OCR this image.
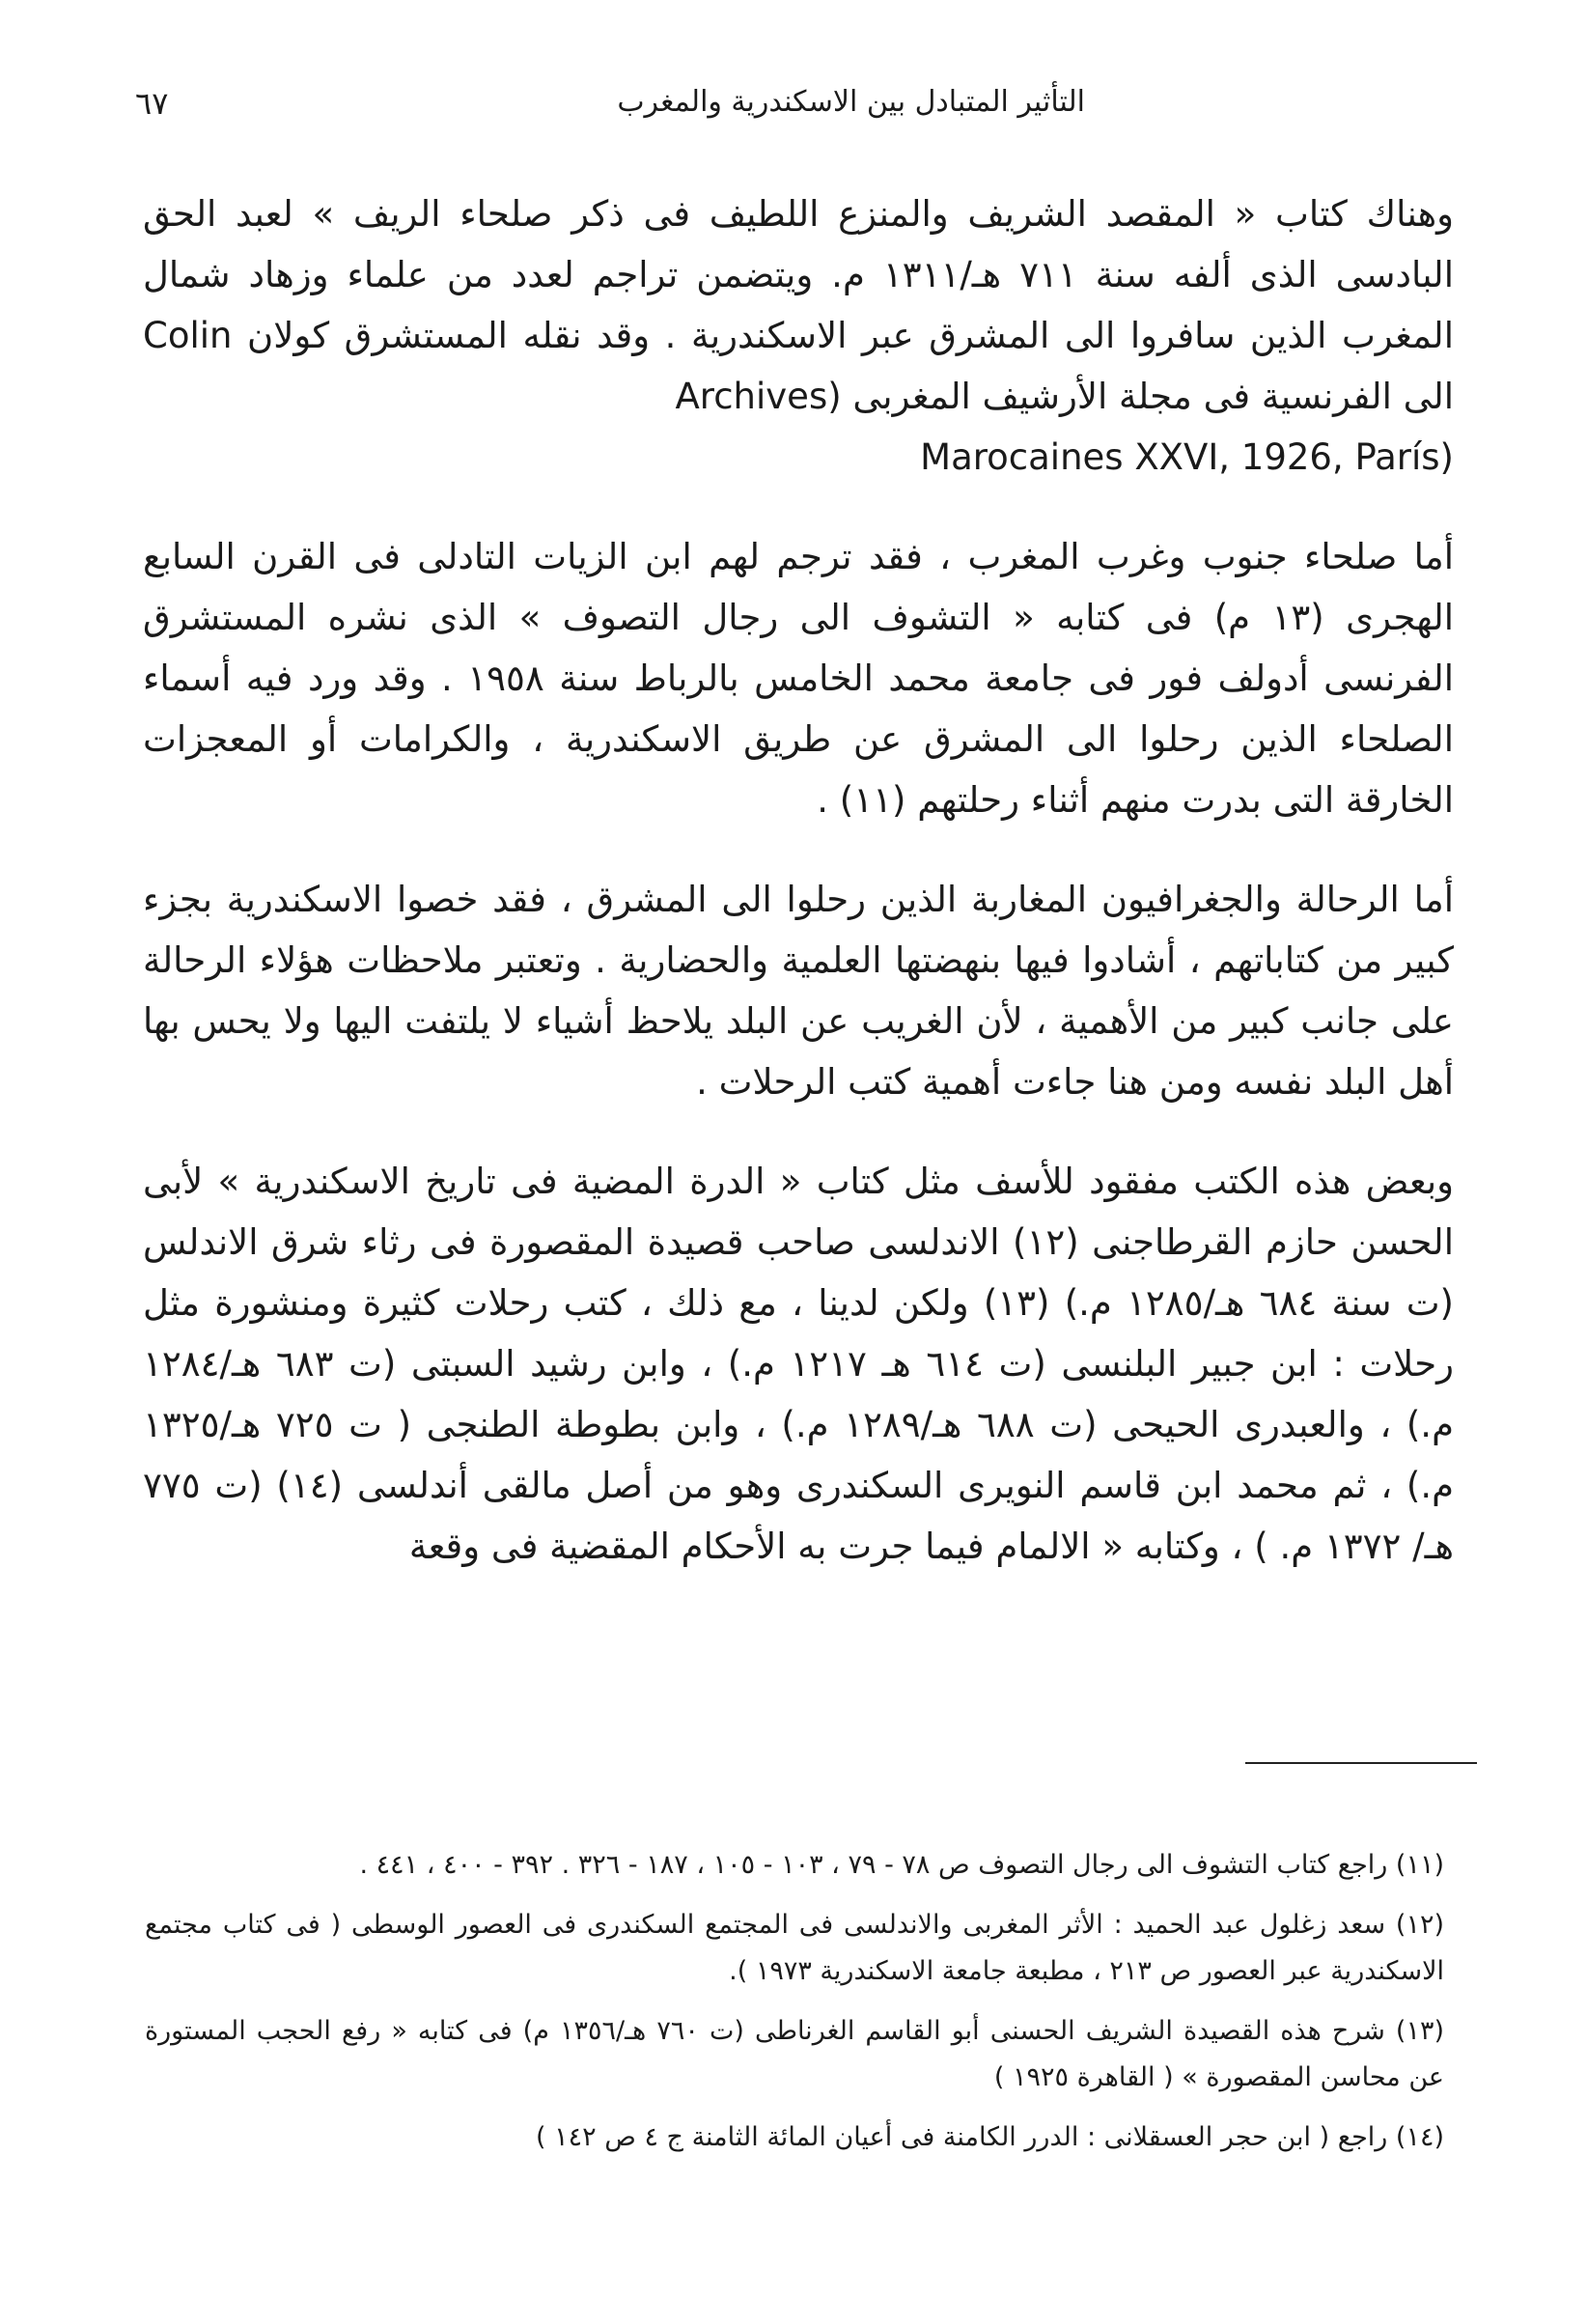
التأثير المتبادل بين الاسكندرية والمغرب
٦٧

وهناك كتاب « المقصد الشريف والمنزع اللطيف فى ذكر صلحاء الريف » لعبد الحق البادسى الذى ألفه سنة ٧١١ هـ/١٣١١ م. ويتضمن تراجم لعدد من علماء وزهاد شمال المغرب الذين سافروا الى المشرق عبر الاسكندرية . وقد نقله المستشرق كولان Colin الى الفرنسية فى مجلة الأرشيف المغربى (Archives
Marocaines XXVI, 1926, París)

أما صلحاء جنوب وغرب المغرب ، فقد ترجم لهم ابن الزيات التادلى فى القرن السابع الهجرى (١٣ م) فى كتابه « التشوف الى رجال التصوف » الذى نشره المستشرق الفرنسى أدولف فور فى جامعة محمد الخامس بالرباط سنة ١٩٥٨ . وقد ورد فيه أسماء الصلحاء الذين رحلوا الى المشرق عن طريق الاسكندرية ، والكرامات أو المعجزات الخارقة التى بدرت منهم أثناء رحلتهم (١١) .

أما الرحالة والجغرافيون المغاربة الذين رحلوا الى المشرق ، فقد خصوا الاسكندرية بجزء كبير من كتاباتهم ، أشادوا فيها بنهضتها العلمية والحضارية . وتعتبر ملاحظات هؤلاء الرحالة على جانب كبير من الأهمية ، لأن الغريب عن البلد يلاحظ أشياء لا يلتفت اليها ولا يحس بها أهل البلد نفسه ومن هنا جاءت أهمية كتب الرحلات .

وبعض هذه الكتب مفقود للأسف مثل كتاب « الدرة المضية فى تاريخ الاسكندرية » لأبى الحسن حازم القرطاجنى (١٢) الاندلسى صاحب قصيدة المقصورة فى رثاء شرق الاندلس (ت سنة ٦٨٤ هـ/١٢٨٥ م.) (١٣) ولكن لدينا ، مع ذلك ، كتب رحلات كثيرة ومنشورة مثل رحلات : ابن جبير البلنسى (ت ٦١٤ هـ ١٢١٧ م.) ، وابن رشيد السبتى (ت ٦٨٣ هـ/١٢٨٤ م.) ، والعبدرى الحيحى (ت ٦٨٨ هـ/١٢٨٩ م.) ، وابن بطوطة الطنجى ( ت ٧٢٥ هـ/١٣٢٥ م.) ، ثم محمد ابن قاسم النويرى السكندرى وهو من أصل مالقى أندلسى (١٤) (ت ٧٧٥ هـ/ ١٣٧٢ م. ) ، وكتابه « الالمام فيما جرت به الأحكام المقضية فى وقعة

(١١) راجع كتاب التشوف الى رجال التصوف ص ٧٨ - ٧٩ ، ١٠٣ - ١٠٥ ، ١٨٧ - ٣٢٦ . ٣٩٢ - ٤٠٠ ، ٤٤١ .

(١٢) سعد زغلول عبد الحميد : الأثر المغربى والاندلسى فى المجتمع السكندرى فى العصور الوسطى ( فى كتاب مجتمع الاسكندرية عبر العصور ص ٢١٣ ، مطبعة جامعة الاسكندرية ١٩٧٣ ).

(١٣) شرح هذه القصيدة الشريف الحسنى أبو القاسم الغرناطى (ت ٧٦٠ هـ/١٣٥٦ م) فى كتابه « رفع الحجب المستورة عن محاسن المقصورة » ( القاهرة ١٩٢٥ )

(١٤) راجع ( ابن حجر العسقلانى : الدرر الكامنة فى أعيان المائة الثامنة ج ٤ ص ١٤٢ )
